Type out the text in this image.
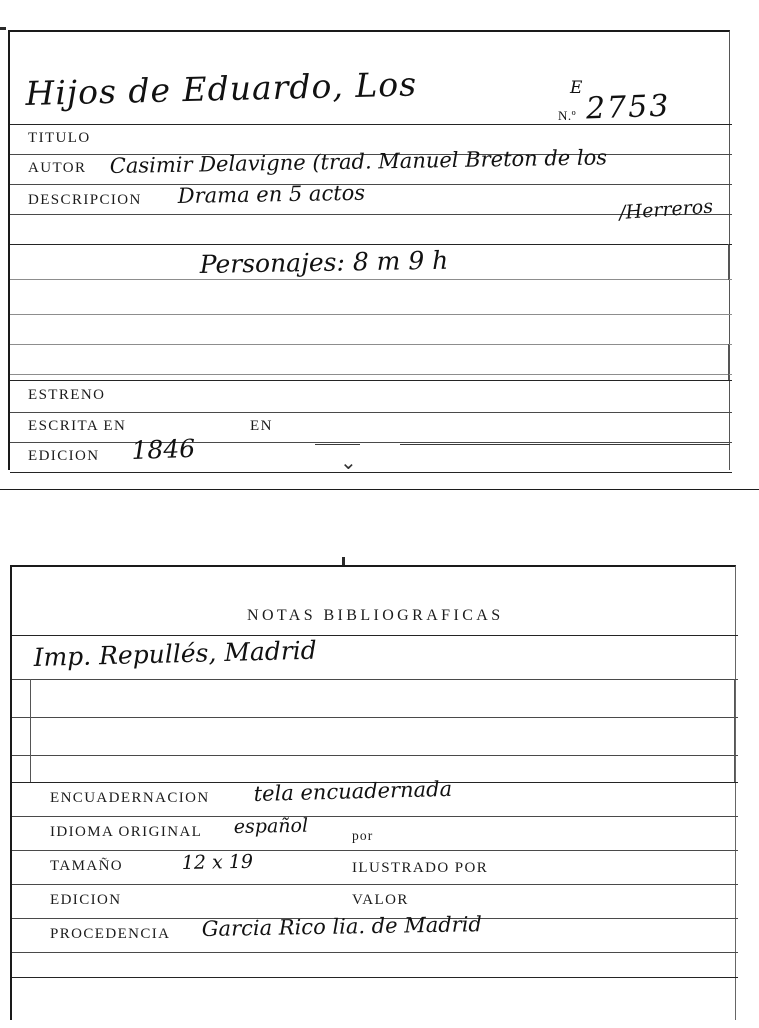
Hijos de Eduardo, Los	E
N.º 2753
TITULO
AUTOR Casimir Delavigne (trad. Manuel Breton de los
DESCRIPCION Drama en 5 actos
/Herreros
Personajes: 8 m 9 h
ESTRENO
ESCRITA EN	EN
EDICION 1846	⌄
NOTAS BIBLIOGRAFICAS
Imp. Repullés, Madrid
ENCUADERNACION tela encuadernada
IDIOMA ORIGINAL español	por
TAMAÑO	12 x 19	ILUSTRADO POR
EDICION	VALOR
PROCEDENCIA Garcia Rico lia. de Madrid
